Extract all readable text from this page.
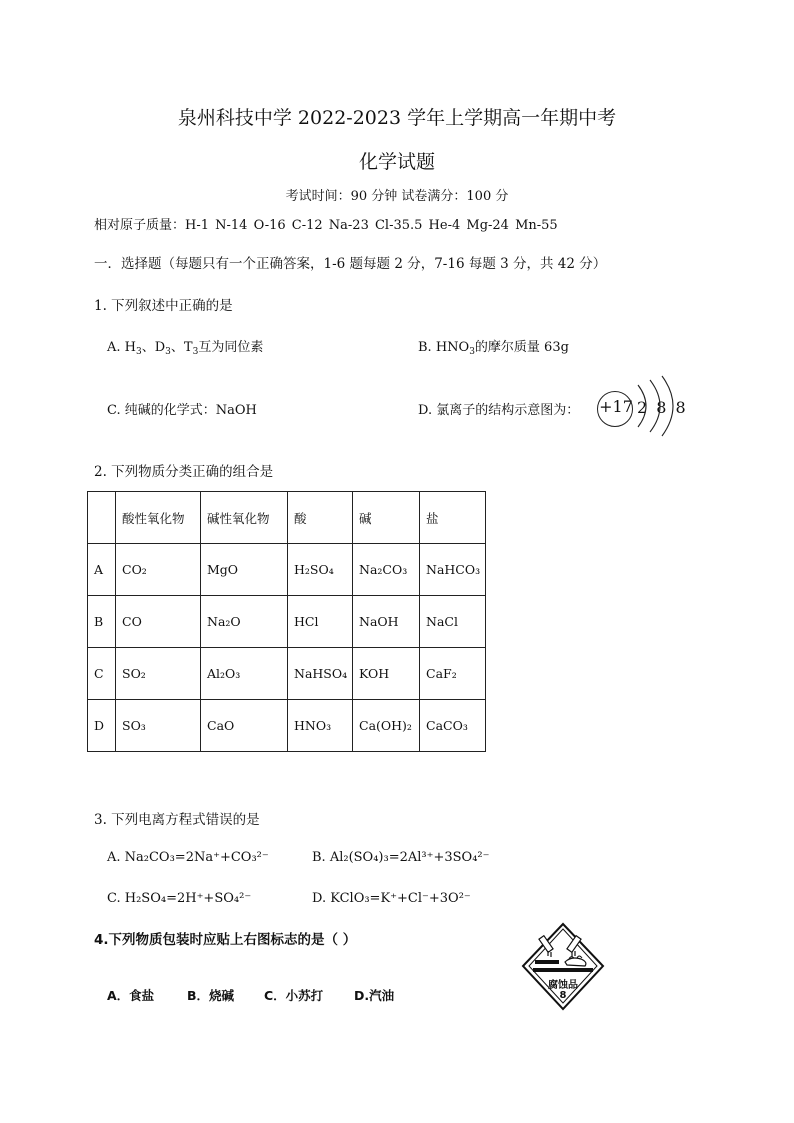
泉州科技中学 2022-2023 学年上学期高一年期中考
化学试题
考试时间：90 分钟 试卷满分：100 分
相对原子质量：H-1 N-14 O-16 C-12 Na-23 Cl-35.5 He-4 Mg-24 Mn-55
一．选择题（每题只有一个正确答案，1-6 题每题 2 分，7-16 每题 3 分，共 42 分）
1. 下列叙述中正确的是
A. $H_3$、$D_3$、$T_3$互为同位素	B. $HNO_3$的摩尔质量 63g
C. 纯碱的化学式：NaOH	D. 氯离子的结构示意图为： +17 2 8 8
2. 下列物质分类正确的组合是
	酸性氧化物	碱性氧化物	酸	碱	盐
A	CO₂	MgO	H₂SO₄	Na₂CO₃	NaHCO₃
B	CO	Na₂O	HCl	NaOH	NaCl
C	SO₂	Al₂O₃	NaHSO₄	KOH	CaF₂
D	SO₃	CaO	HNO₃	Ca(OH)₂	CaCO₃
3. 下列电离方程式错误的是
A. Na₂CO₃=2Na⁺+CO₃²⁻	B. Al₂(SO₄)₃=2Al³⁺+3SO₄²⁻
C. H₂SO₄=2H⁺+SO₄²⁻	D. KClO₃=K⁺+Cl⁻+3O²⁻
4.下列物质包装时应贴上右图标志的是（ ）
A．食盐	B．烧碱 C．小苏打 D.汽油
腐蚀品
8
